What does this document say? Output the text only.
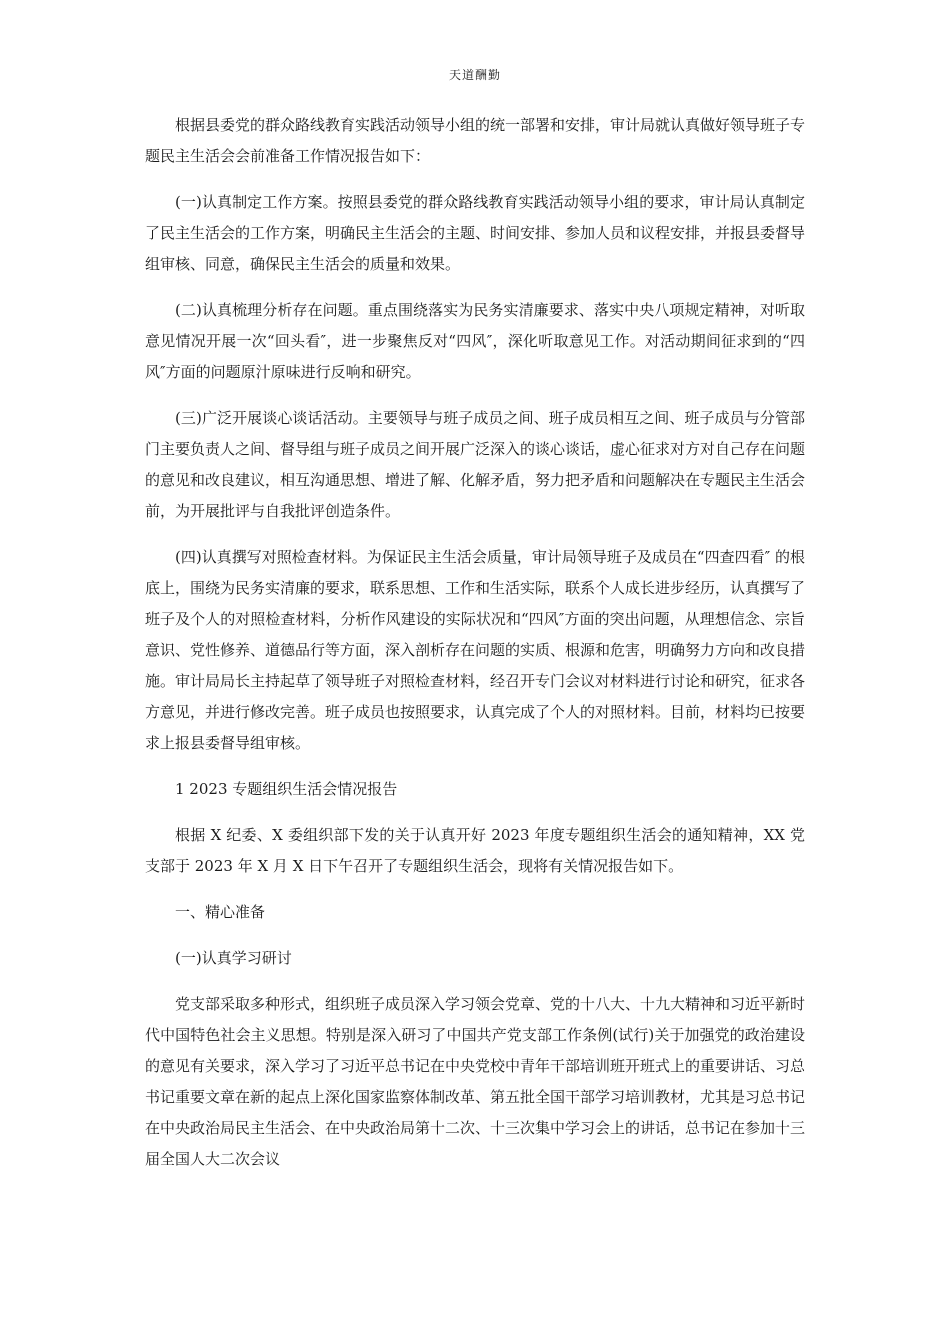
天道酬勤

根据县委党的群众路线教育实践活动领导小组的统一部署和安排，审计局就认真做好领导班子专题民主生活会会前准备工作情况报告如下：

(一)认真制定工作方案。按照县委党的群众路线教育实践活动领导小组的要求，审计局认真制定了民主生活会的工作方案，明确民主生活会的主题、时间安排、参加人员和议程安排，并报县委督导组审核、同意，确保民主生活会的质量和效果。

(二)认真梳理分析存在问题。重点围绕落实为民务实清廉要求、落实中央八项规定精神，对听取意见情况开展一次“回头看″，进一步聚焦反对“四风″，深化听取意见工作。对活动期间征求到的“四风″方面的问题原汁原味进行反响和研究。

(三)广泛开展谈心谈话活动。主要领导与班子成员之间、班子成员相互之间、班子成员与分管部门主要负责人之间、督导组与班子成员之间开展广泛深入的谈心谈话，虚心征求对方对自己存在问题的意见和改良建议，相互沟通思想、增进了解、化解矛盾，努力把矛盾和问题解决在专题民主生活会前，为开展批评与自我批评创造条件。

(四)认真撰写对照检查材料。为保证民主生活会质量，审计局领导班子及成员在“四查四看″ 的根底上，围绕为民务实清廉的要求，联系思想、工作和生活实际，联系个人成长进步经历，认真撰写了班子及个人的对照检查材料，分析作风建设的实际状况和“四风″方面的突出问题，从理想信念、宗旨意识、党性修养、道德品行等方面，深入剖析存在问题的实质、根源和危害，明确努力方向和改良措施。审计局局长主持起草了领导班子对照检查材料，经召开专门会议对材料进行讨论和研究，征求各方意见，并进行修改完善。班子成员也按照要求，认真完成了个人的对照材料。目前，材料均已按要求上报县委督导组审核。

1 2023 专题组织生活会情况报告

根据 X 纪委、X 委组织部下发的关于认真开好 2023 年度专题组织生活会的通知精神，XX 党支部于 2023 年 X 月 X 日下午召开了专题组织生活会，现将有关情况报告如下。

一、精心准备

(一)认真学习研讨

党支部采取多种形式，组织班子成员深入学习领会党章、党的十八大、十九大精神和习近平新时代中国特色社会主义思想。特别是深入研习了中国共产党支部工作条例(试行)关于加强党的政治建设的意见有关要求，深入学习了习近平总书记在中央党校中青年干部培训班开班式上的重要讲话、习总书记重要文章在新的起点上深化国家监察体制改革、第五批全国干部学习培训教材，尤其是习总书记在中央政治局民主生活会、在中央政治局第十二次、十三次集中学习会上的讲话，总书记在参加十三届全国人大二次会议
